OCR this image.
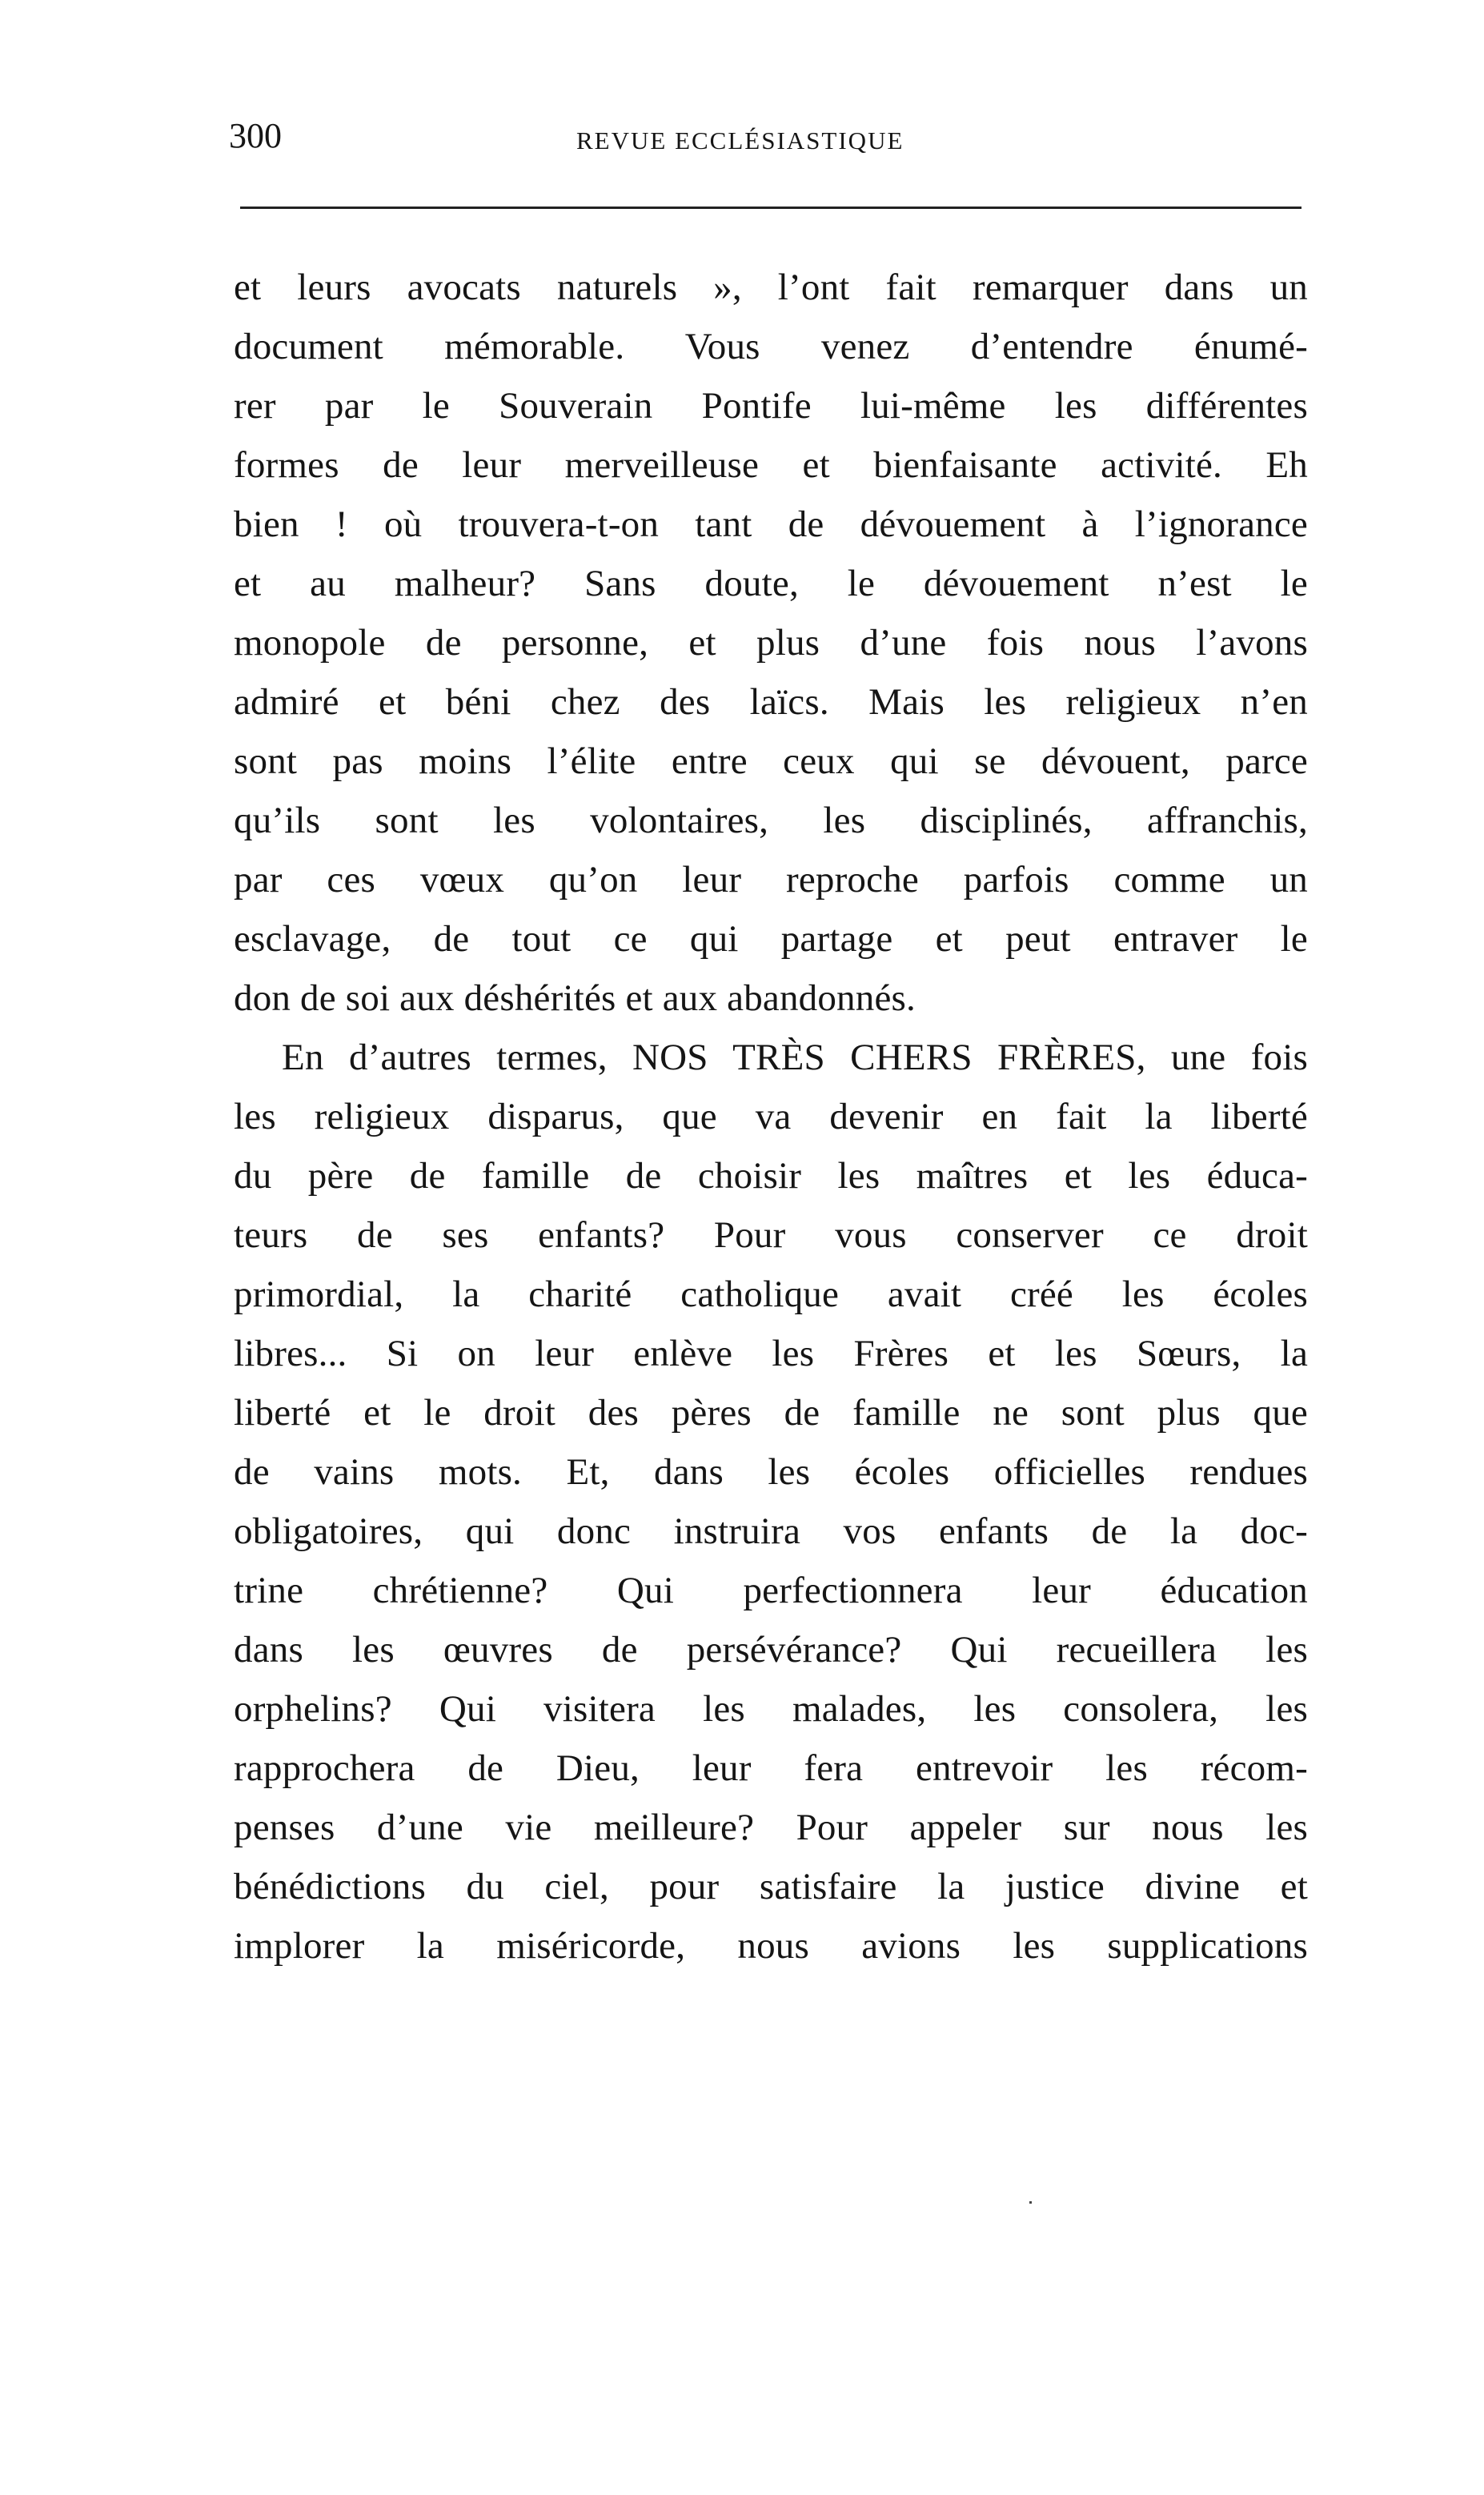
300	REVUE ECCLÉSIASTIQUE
et leurs avocats naturels », l’ont fait remarquer dans un
document mémorable. Vous venez d’entendre énumé-
rer par le Souverain Pontife lui-même les différentes
formes de leur merveilleuse et bienfaisante activité. Eh
bien ! où trouvera-t-on tant de dévouement à l’ignorance
et au malheur? Sans doute, le dévouement n’est le
monopole de personne, et plus d’une fois nous l’avons
admiré et béni chez des laïcs. Mais les religieux n’en
sont pas moins l’élite entre ceux qui se dévouent, parce
qu’ils sont les volontaires, les disciplinés, affranchis,
par ces vœux qu’on leur reproche parfois comme un
esclavage, de tout ce qui partage et peut entraver le
don de soi aux déshérités et aux abandonnés.
En d’autres termes, NOS TRÈS CHERS FRÈRES, une fois
les religieux disparus, que va devenir en fait la liberté
du père de famille de choisir les maîtres et les éduca-
teurs de ses enfants? Pour vous conserver ce droit
primordial, la charité catholique avait créé les écoles
libres... Si on leur enlève les Frères et les Sœurs, la
liberté et le droit des pères de famille ne sont plus que
de vains mots. Et, dans les écoles officielles rendues
obligatoires, qui donc instruira vos enfants de la doc-
trine chrétienne? Qui perfectionnera leur éducation
dans les œuvres de persévérance? Qui recueillera les
orphelins? Qui visitera les malades, les consolera, les
rapprochera de Dieu, leur fera entrevoir les récom-
penses d’une vie meilleure? Pour appeler sur nous les
bénédictions du ciel, pour satisfaire la justice divine et
implorer la miséricorde, nous avions les supplications
